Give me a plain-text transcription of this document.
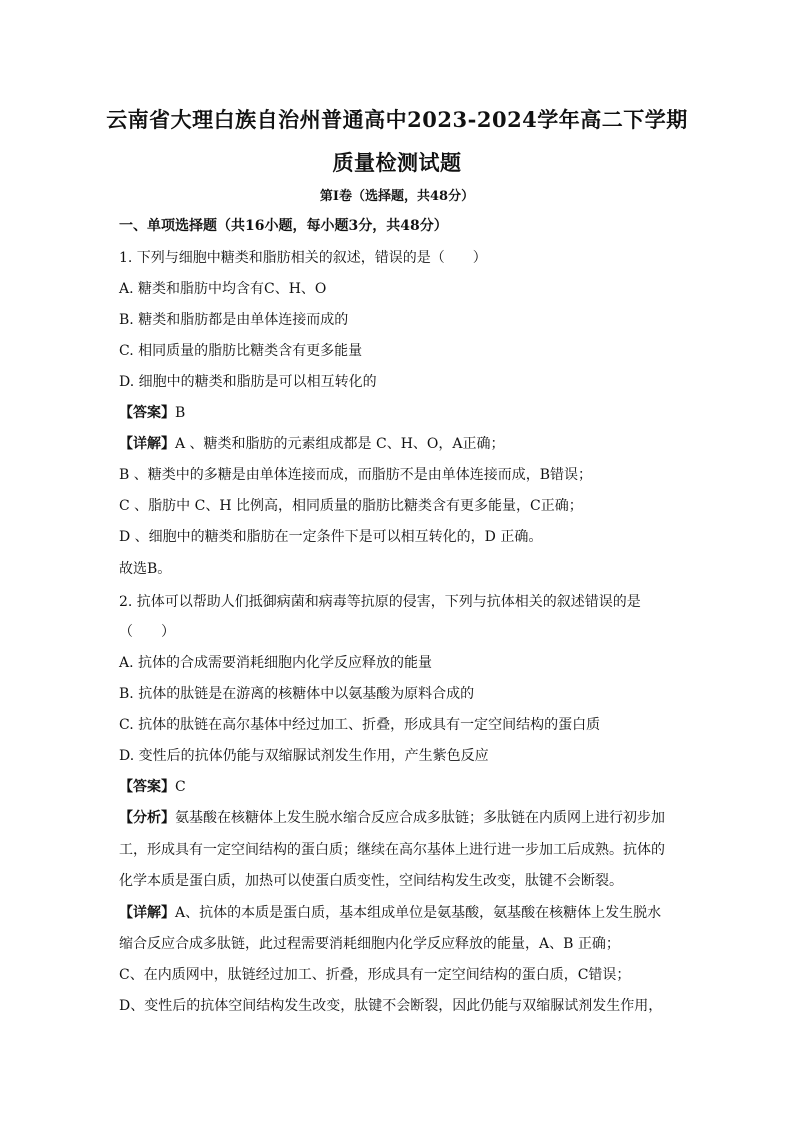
云南省大理白族自治州普通高中2023-2024学年高二下学期
质量检测试题
第Ⅰ卷（选择题，共48分）
一、单项选择题（共16小题，每小题3分，共48分）
1. 下列与细胞中糖类和脂肪相关的叙述，错误的是（　　）
A. 糖类和脂肪中均含有C、H、O
B. 糖类和脂肪都是由单体连接而成的
C. 相同质量的脂肪比糖类含有更多能量
D. 细胞中的糖类和脂肪是可以相互转化的
【答案】B
【详解】A 、糖类和脂肪的元素组成都是 C、H、O，A正确；
B 、糖类中的多糖是由单体连接而成，而脂肪不是由单体连接而成，B错误；
C 、脂肪中 C、H 比例高，相同质量的脂肪比糖类含有更多能量，C正确；
D 、细胞中的糖类和脂肪在一定条件下是可以相互转化的，D 正确。
故选B。
2. 抗体可以帮助人们抵御病菌和病毒等抗原的侵害，下列与抗体相关的叙述错误的是
（　　）
A. 抗体的合成需要消耗细胞内化学反应释放的能量
B. 抗体的肽链是在游离的核糖体中以氨基酸为原料合成的
C. 抗体的肽链在高尔基体中经过加工、折叠，形成具有一定空间结构的蛋白质
D. 变性后的抗体仍能与双缩脲试剂发生作用，产生紫色反应
【答案】C
【分析】氨基酸在核糖体上发生脱水缩合反应合成多肽链；多肽链在内质网上进行初步加
工，形成具有一定空间结构的蛋白质；继续在高尔基体上进行进一步加工后成熟。抗体的
化学本质是蛋白质，加热可以使蛋白质变性，空间结构发生改变，肽键不会断裂。
【详解】A、抗体的本质是蛋白质，基本组成单位是氨基酸，氨基酸在核糖体上发生脱水
缩合反应合成多肽链，此过程需要消耗细胞内化学反应释放的能量，A、B 正确；
C、在内质网中，肽链经过加工、折叠，形成具有一定空间结构的蛋白质，C错误；
D、变性后的抗体空间结构发生改变，肽键不会断裂，因此仍能与双缩脲试剂发生作用，
